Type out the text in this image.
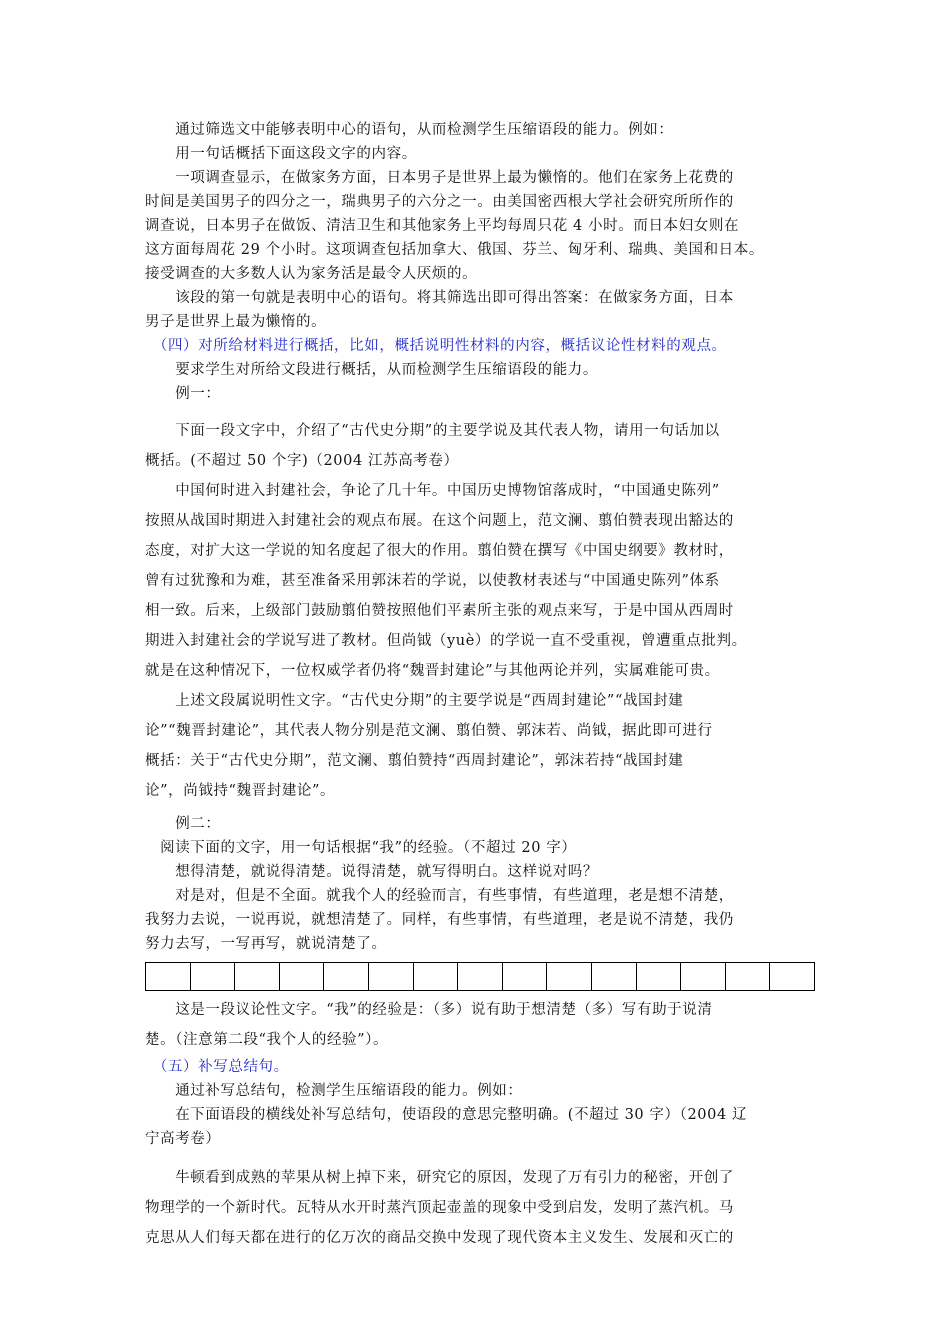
　　通过筛选文中能够表明中心的语句，从而检测学生压缩语段的能力。例如：

　　用一句话概括下面这段文字的内容。

　　一项调查显示，在做家务方面，日本男子是世界上最为懒惰的。他们在家务上花费的

时间是美国男子的四分之一，瑞典男子的六分之一。由美国密西根大学社会研究所所作的

调查说，日本男子在做饭、清洁卫生和其他家务上平均每周只花 4 小时。而日本妇女则在

这方面每周花 29 个小时。这项调查包括加拿大、俄国、芬兰、匈牙利、瑞典、美国和日本。

接受调查的大多数人认为家务活是最令人厌烦的。

　　该段的第一句就是表明中心的语句。将其筛选出即可得出答案：在做家务方面，日本

男子是世界上最为懒惰的。

　（四）对所给材料进行概括，比如，概括说明性材料的内容，概括议论性材料的观点。

　　要求学生对所给文段进行概括，从而检测学生压缩语段的能力。

　　例一：

　　下面一段文字中，介绍了“古代史分期”的主要学说及其代表人物，请用一句话加以

概括。(不超过 50 个字)（2004 江苏高考卷）

　　中国何时进入封建社会，争论了几十年。中国历史博物馆落成时，“中国通史陈列”

按照从战国时期进入封建社会的观点布展。在这个问题上，范文澜、翦伯赞表现出豁达的

态度，对扩大这一学说的知名度起了很大的作用。翦伯赞在撰写《中国史纲要》教材时，

曾有过犹豫和为难，甚至准备采用郭沫若的学说，以使教材表述与“中国通史陈列”体系

相一致。后来，上级部门鼓励翦伯赞按照他们平素所主张的观点来写，于是中国从西周时

期进入封建社会的学说写进了教材。但尚钺（yuè）的学说一直不受重视，曾遭重点批判。

就是在这种情况下，一位权威学者仍将“魏晋封建论”与其他两论并列，实属难能可贵。

　　上述文段属说明性文字。“古代史分期”的主要学说是“西周封建论”“战国封建

论”“魏晋封建论”，其代表人物分别是范文澜、翦伯赞、郭沫若、尚钺，据此即可进行

概括：关于“古代史分期”，范文澜、翦伯赞持“西周封建论”，郭沫若持“战国封建

论”，尚钺持“魏晋封建论”。

　　例二：

　阅读下面的文字，用一句话根据“我”的经验。（不超过 20 字）

　　想得清楚，就说得清楚。说得清楚，就写得明白。这样说对吗？

　　对是对，但是不全面。就我个人的经验而言，有些事情，有些道理，老是想不清楚，

我努力去说，一说再说，就想清楚了。同样，有些事情，有些道理，老是说不清楚，我仍

努力去写，一写再写，就说清楚了。

　　这是一段议论性文字。“我”的经验是：（多）说有助于想清楚（多）写有助于说清

楚。（注意第二段“我个人的经验”）。

　（五）补写总结句。

　　通过补写总结句，检测学生压缩语段的能力。例如：

　　在下面语段的横线处补写总结句，使语段的意思完整明确。(不超过 30 字）（2004 辽

宁高考卷）

　　牛顿看到成熟的苹果从树上掉下来，研究它的原因，发现了万有引力的秘密，开创了

物理学的一个新时代。瓦特从水开时蒸汽顶起壶盖的现象中受到启发，发明了蒸汽机。马

克思从人们每天都在进行的亿万次的商品交换中发现了现代资本主义发生、发展和灭亡的
